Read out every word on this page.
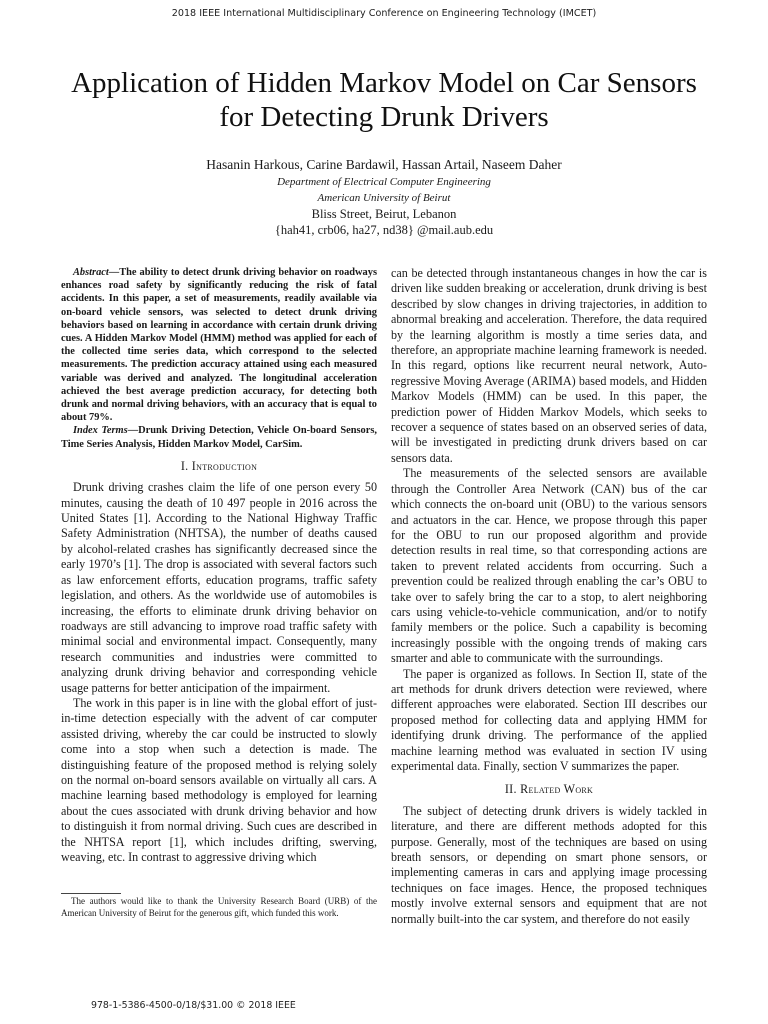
2018 IEEE International Multidisciplinary Conference on Engineering Technology (IMCET)
Application of Hidden Markov Model on Car Sensors for Detecting Drunk Drivers
Hasanin Harkous, Carine Bardawil, Hassan Artail, Naseem Daher
Department of Electrical Computer Engineering
American University of Beirut
Bliss Street, Beirut, Lebanon
{hah41, crb06, ha27, nd38} @mail.aub.edu

Abstract—The ability to detect drunk driving behavior on roadways enhances road safety by significantly reducing the risk of fatal accidents. In this paper, a set of measurements, readily available via on-board vehicle sensors, was selected to detect drunk driving behaviors based on learning in accordance with certain drunk driving cues. A Hidden Markov Model (HMM) method was applied for each of the collected time series data, which correspond to the selected measurements. The prediction accuracy attained using each measured variable was derived and analyzed. The longitudinal acceleration achieved the best average prediction accuracy, for detecting both drunk and normal driving behaviors, with an accuracy that is equal to about 79%.

Index Terms—Drunk Driving Detection, Vehicle On-board Sensors, Time Series Analysis, Hidden Markov Model, CarSim.

I. Introduction

Drunk driving crashes claim the life of one person every 50 minutes, causing the death of 10 497 people in 2016 across the United States [1]. According to the National Highway Traffic Safety Administration (NHTSA), the number of deaths caused by alcohol-related crashes has significantly decreased since the early 1970’s [1]. The drop is associated with several factors such as law enforcement efforts, education programs, traffic safety legislation, and others. As the worldwide use of automobiles is increasing, the efforts to eliminate drunk driving behavior on roadways are still advancing to improve road traffic safety with minimal social and environmental impact. Consequently, many research communities and industries were committed to analyzing drunk driving behavior and corresponding vehicle usage patterns for better anticipation of the impairment.

The work in this paper is in line with the global effort of just-in-time detection especially with the advent of car computer assisted driving, whereby the car could be instructed to slowly come into a stop when such a detection is made. The distinguishing feature of the proposed method is relying solely on the normal on-board sensors available on virtually all cars. A machine learning based methodology is employed for learning about the cues associated with drunk driving behavior and how to distinguish it from normal driving. Such cues are described in the NHTSA report [1], which includes drifting, swerving, weaving, etc. In contrast to aggressive driving which

The authors would like to thank the University Research Board (URB) of the American University of Beirut for the generous gift, which funded this work.

can be detected through instantaneous changes in how the car is driven like sudden breaking or acceleration, drunk driving is best described by slow changes in driving trajectories, in addition to abnormal breaking and acceleration. Therefore, the data required by the learning algorithm is mostly a time series data, and therefore, an appropriate machine learning framework is needed. In this regard, options like recurrent neural network, Auto-regressive Moving Average (ARIMA) based models, and Hidden Markov Models (HMM) can be used. In this paper, the prediction power of Hidden Markov Models, which seeks to recover a sequence of states based on an observed series of data, will be investigated in predicting drunk drivers based on car sensors data.

The measurements of the selected sensors are available through the Controller Area Network (CAN) bus of the car which connects the on-board unit (OBU) to the various sensors and actuators in the car. Hence, we propose through this paper for the OBU to run our proposed algorithm and provide detection results in real time, so that corresponding actions are taken to prevent related accidents from occurring. Such a prevention could be realized through enabling the car’s OBU to take over to safely bring the car to a stop, to alert neighboring cars using vehicle-to-vehicle communication, and/or to notify family members or the police. Such a capability is becoming increasingly possible with the ongoing trends of making cars smarter and able to communicate with the surroundings.

The paper is organized as follows. In Section II, state of the art methods for drunk drivers detection were reviewed, where different approaches were elaborated. Section III describes our proposed method for collecting data and applying HMM for identifying drunk driving. The performance of the applied machine learning method was evaluated in section IV using experimental data. Finally, section V summarizes the paper.

II. Related Work

The subject of detecting drunk drivers is widely tackled in literature, and there are different methods adopted for this purpose. Generally, most of the techniques are based on using breath sensors, or depending on smart phone sensors, or implementing cameras in cars and applying image processing techniques on face images. Hence, the proposed techniques mostly involve external sensors and equipment that are not normally built-into the car system, and therefore do not easily

978-1-5386-4500-0/18/$31.00 © 2018 IEEE
